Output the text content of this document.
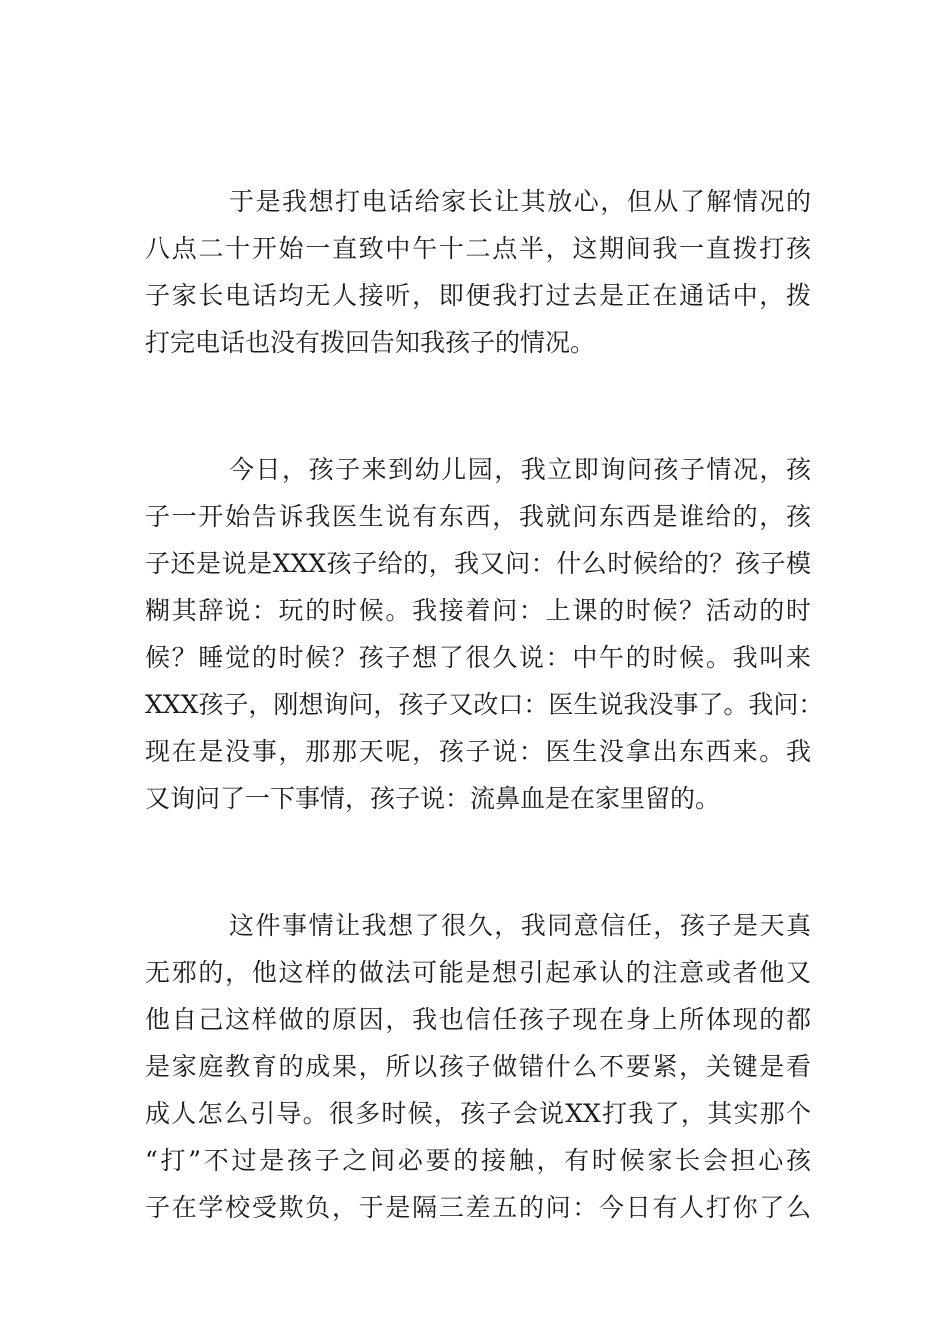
于是我想打电话给家长让其放心，但从了解情况的
八点二十开始一直致中午十二点半，这期间我一直拨打孩
子家长电话均无人接听，即便我打过去是正在通话中，拨
打完电话也没有拨回告知我孩子的情况。
今日，孩子来到幼儿园，我立即询问孩子情况，孩
子一开始告诉我医生说有东西，我就问东西是谁给的，孩
子还是说是XXX孩子给的，我又问：什么时候给的？孩子模
糊其辞说：玩的时候。我接着问：上课的时候？活动的时
候？睡觉的时候？孩子想了很久说：中午的时候。我叫来
XXX孩子，刚想询问，孩子又改口：医生说我没事了。我问：
现在是没事，那那天呢，孩子说：医生没拿出东西来。我
又询问了一下事情，孩子说：流鼻血是在家里留的。
这件事情让我想了很久，我同意信任，孩子是天真
无邪的，他这样的做法可能是想引起承认的注意或者他又
他自己这样做的原因，我也信任孩子现在身上所体现的都
是家庭教育的成果，所以孩子做错什么不要紧，关键是看
成人怎么引导。很多时候，孩子会说XX打我了，其实那个
“打”不过是孩子之间必要的接触，有时候家长会担心孩
子在学校受欺负，于是隔三差五的问：今日有人打你了么
